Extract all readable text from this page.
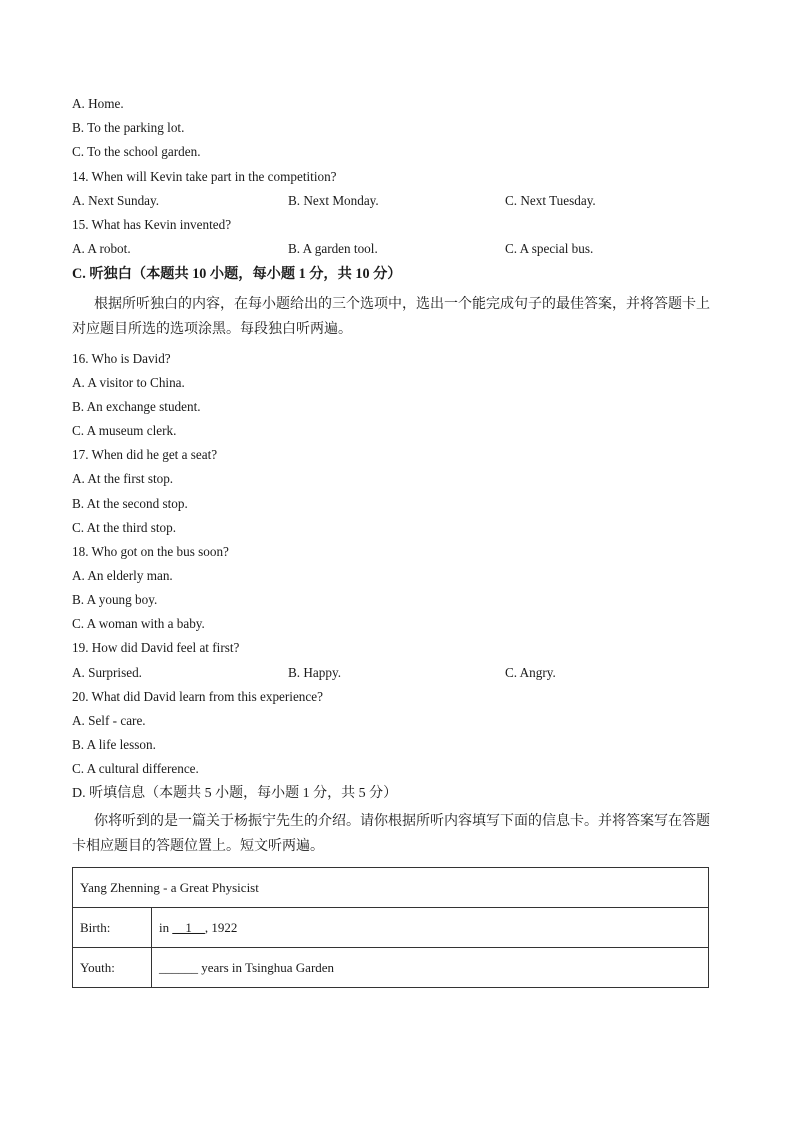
A. Home.
B. To the parking lot.
C. To the school garden.
14. When will Kevin take part in the competition?
A. Next Sunday.	B. Next Monday.	C. Next Tuesday.
15. What has Kevin invented?
A. A robot.	B. A garden tool.	C. A special bus.
C. 听独白（本题共 10 小题，每小题 1 分，共 10 分）
根据所听独白的内容，在每小题给出的三个选项中，选出一个能完成句子的最佳答案，并将答题卡上对应题目所选的选项涂黑。每段独白听两遍。
16. Who is David?
A. A visitor to China.
B. An exchange student.
C. A museum clerk.
17. When did he get a seat?
A. At the first stop.
B. At the second stop.
C. At the third stop.
18. Who got on the bus soon?
A. An elderly man.
B. A young boy.
C. A woman with a baby.
19. How did David feel at first?
A. Surprised.	B. Happy.	C. Angry.
20. What did David learn from this experience?
A. Self - care.
B. A life lesson.
C. A cultural difference.
D. 听填信息（本题共 5 小题，每小题 1 分，共 5 分）
你将听到的是一篇关于杨振宁先生的介绍。请你根据所听内容填写下面的信息卡。并将答案写在答题卡相应题目的答题位置上。短文听两遍。
Yang Zhenning - a Great Physicist	
Birth:	in __1__, 1922
Youth:	______ years in Tsinghua Garden
